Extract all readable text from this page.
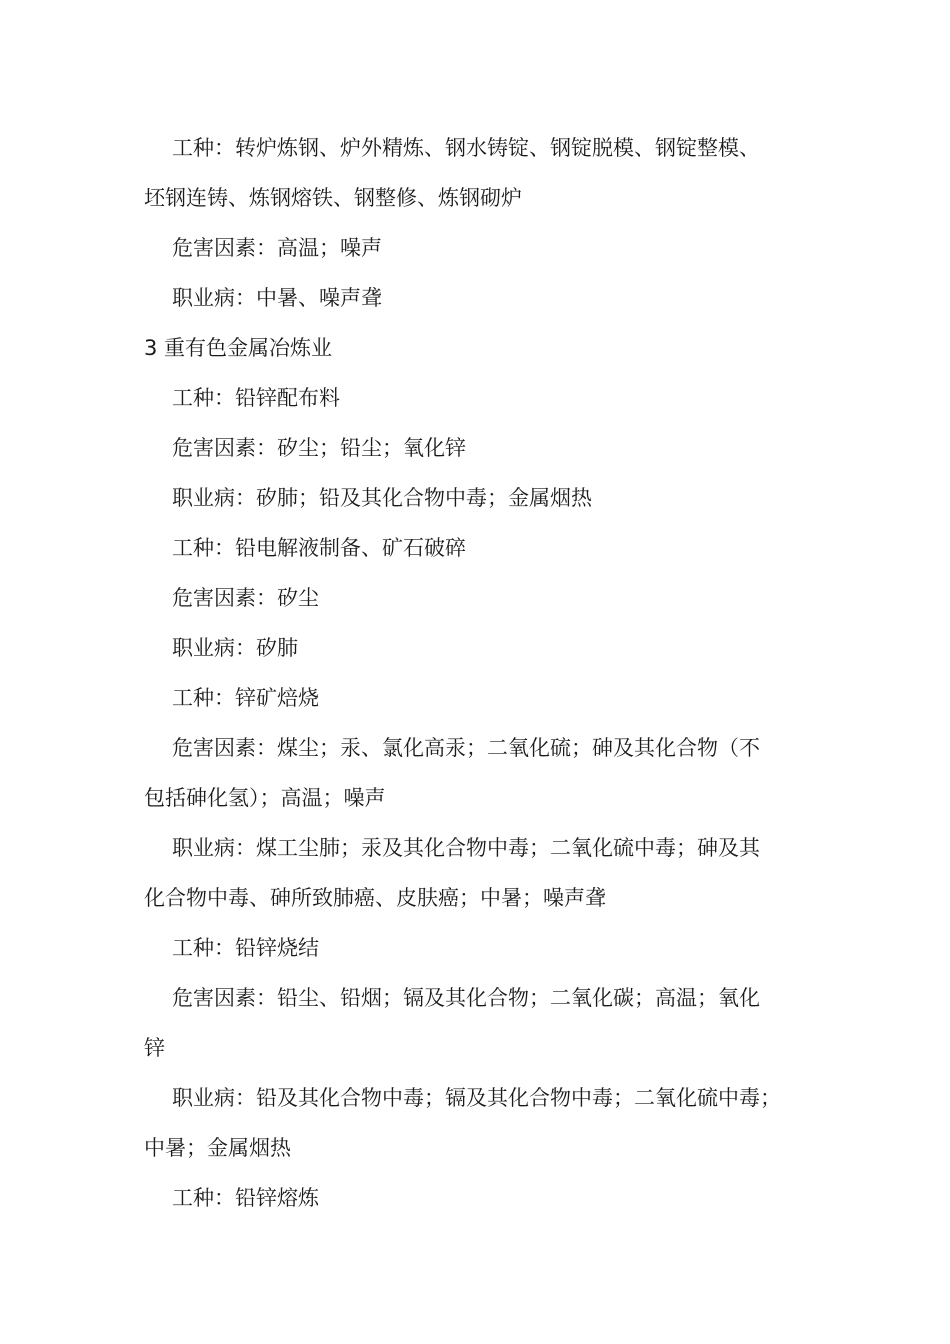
工种：转炉炼钢、炉外精炼、钢水铸锭、钢锭脱模、钢锭整模、
坯钢连铸、炼钢熔铁、钢整修、炼钢砌炉
危害因素：高温；噪声
职业病：中暑、噪声聋
3 重有色金属冶炼业
工种：铅锌配布料
危害因素：矽尘；铅尘；氧化锌
职业病：矽肺；铅及其化合物中毒；金属烟热
工种：铅电解液制备、矿石破碎
危害因素：矽尘
职业病：矽肺
工种：锌矿焙烧
危害因素：煤尘；汞、氯化高汞；二氧化硫；砷及其化合物（不
包括砷化氢）；高温；噪声
职业病：煤工尘肺；汞及其化合物中毒；二氧化硫中毒；砷及其
化合物中毒、砷所致肺癌、皮肤癌；中暑；噪声聋
工种：铅锌烧结
危害因素：铅尘、铅烟；镉及其化合物；二氧化碳；高温；氧化
锌
职业病：铅及其化合物中毒；镉及其化合物中毒；二氧化硫中毒；
中暑；金属烟热
工种：铅锌熔炼
